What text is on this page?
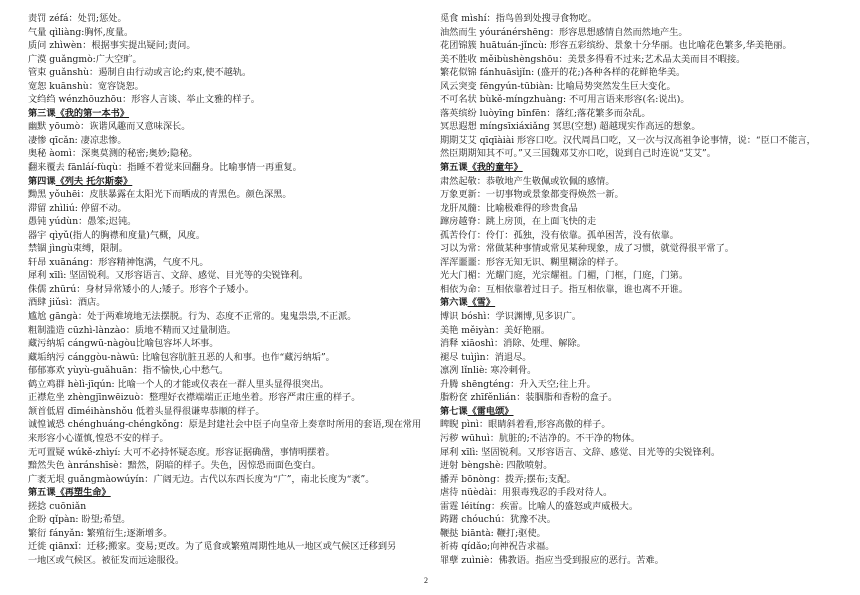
责罚 zéfá：处罚;惩处。
气量 qìliàng:胸怀,度量。
质问 zhìwèn：根据事实提出疑问;责问。
广漠 guǎngmò:广大空旷。
管束 guǎnshù：遏制自由行动或言论;约束,使不越轨。
宽恕 kuānshù：宽容饶恕。
文绉绉 wénzhōuzhōu：形容人言谈、举止文雅的样子。
第三课《我的第一本书》
幽默 yōumò：诙谐风趣而又意味深长。
凄惨 qīcǎn: 凄凉悲惨。
奥秘 àomì：深奥莫测的秘密;奥妙;隐秘。
翻来覆去 fānláí-fùqù：指睡不着觉来回翻身。比喻事情一再重复。
第四课《列夫 托尔斯泰》
黝黑 yǒuhēi：皮肤暴露在太阳光下而晒成的青黑色。颜色深黑。
滞留 zhìliú: 停留不动。
愚钝 yúdùn：愚笨;迟钝。
器宇 qìyǔ(指人的胸襟和度量)气概，风度。
禁锢 jìngù束缚，限制。
轩昂 xuānáng：形容精神饱满，气度不凡。
犀利 xīlì: 坚固锐利。又形容语言、文辞、感觉、目光等的尖锐锋利。
侏儒 zhūrú：身材异常矮小的人;矮子。形容个子矮小。
酒肆 jiǔsì：酒店。
尴尬 gāngà：处于两难境地无法摆脱。行为、态度不正常的。鬼鬼祟祟,不正派。
粗制滥造 cūzhì-lànzào：质地不精而又过量制造。
藏污纳垢 cángwū-nàgòu比喻包容坏人坏事。
藏垢纳污 cánggòu-nàwū: 比喻包容肮脏丑恶的人和事。也作“藏污纳垢”。
郁郁寡欢 yùyù-guǎhuān：指不愉快,心中愁气。
鹤立鸡群 hèlì-jīqún: 比喻一个人的才能或仪表在一群人里头显得很突出。
正襟危坐 zhèngjīnwēizuò：整理好衣襟端端正正地坐着。形容严肃庄重的样子。
颔首低眉 dīméihànshǒu 低着头显得很谦卑恭顺的样子。
诚惶诚恐 chénghuáng-chéngkǒng：原是封建社会中臣子向皇帝上奏章时所用的套语,现在常用
来形容小心谨慎,惶恐不安的样子。
无可置疑 wúkě-zhìyí: 大可不必持怀疑态度。形容证据确凿，事情明摆着。
黯然失色 ànránshīsè：黯然，阴暗的样子。失色，因惊恐而面色变白。
广袤无垠 guǎngmàowúyín：广阔无边。古代以东西长度为“广”，南北长度为“袤”。
第五课《再塑生命》
搓捻 cuōniǎn
企盼 qǐpàn: 盼望;希望。
繁衍 fányǎn: 繁殖衍生;逐渐增多。
迁徙 qiānxǐ：迁移;搬家。变易;更改。为了觅食或繁殖周期性地从一地区或气候区迁移到另
一地区或气候区。被征发而远途服役。
觅食 mìshí：指鸟兽到处搜寻食物吃。
油然而生 yóuránérshēng：形容思想感情自然而然地产生。
花团锦簇 huātuán-jǐncù: 形容五彩缤纷、景象十分华丽。也比喻花色繁多,华美艳丽。
美不胜收 měibùshèngshōu：美景多得看不过来;艺术品太美而目不暇接。
繁花似锦 fánhuāsìjǐn: (盛开的花;)各种各样的花鲜艳华美。
风云突变 fēngyún-tūbiàn: 比喻局势突然发生巨大变化。
不可名状 bùkě-míngzhuàng: 不可用言语来形容(名:说出)。
落英缤纷 luòyīng bīnfēn：落红;落花繁多而杂乱。
冥思遐想 míngsīxiáxiǎng 冥思(空想) 超越现实作高远的想象。
期期艾艾 qīqīàiài 形容口吃。汉代周昌口吃，又一次与汉高祖争论事情，说：“臣口不能言，
然臣期期知其不可。”又三国魏邓艾亦口吃，说到自己时连说“艾艾”。
第五课《我的童年》
肃然起敬：恭敬地产生敬佩或钦佩的感情。
万象更新：一切事物或景象都变得焕然一新。
龙肝凤髓：比喻极难得的珍贵食品
蹿房越脊：跳上房顶，在上面飞快的走
孤苦伶仃：伶仃：孤独，没有依靠。孤单困苦，没有依靠。
习以为常：常做某种事情或常见某种现象，成了习惯，就觉得很平常了。
浑浑噩噩：形容无知无识、糊里糊涂的样子。
光大门楣：光耀门庭，光宗耀祖。门楣，门框，门庭，门第。
相依为命：互相依靠着过日子。指互相依靠，谁也离不开谁。
第六课《雪》
博识 bóshì：学识渊博,见多识广。
美艳 měiyàn：美好艳丽。
消释 xiāoshì：消除、处理、解除。
褪尽 tuìjìn：消退尽。
凛冽 lǐnliè: 寒冷刺骨。
升腾 shēngténg：升入天空;往上升。
脂粉奁 zhīfěnlián：装胭脂和香粉的盒子。
第七课《雷电颂》
睥睨 pìnì：眼睛斜着看,形容高傲的样子。
污秽 wūhuì：肮脏的;不洁净的。不干净的物体。
犀利 xīlì: 坚固锐利。又形容语言、文辞、感觉、目光等的尖锐锋利。
迸射 bèngshè: 四散喷射。
播弄 bōnòng：拨弄;摆布;支配。
虐待 nüèdài：用狠毒残忍的手段对待人。
雷霆 léitíng：疾雷。比喻人的盛怒或声威极大。
踌躇 chóuchú：犹豫不决。
鞭挞 biāntà: 鞭打;驱使。
祈祷 qídǎo;向神祝告求福。
罪孽 zuìniè：佛教语。指应当受到报应的恶行。苦难。
2
